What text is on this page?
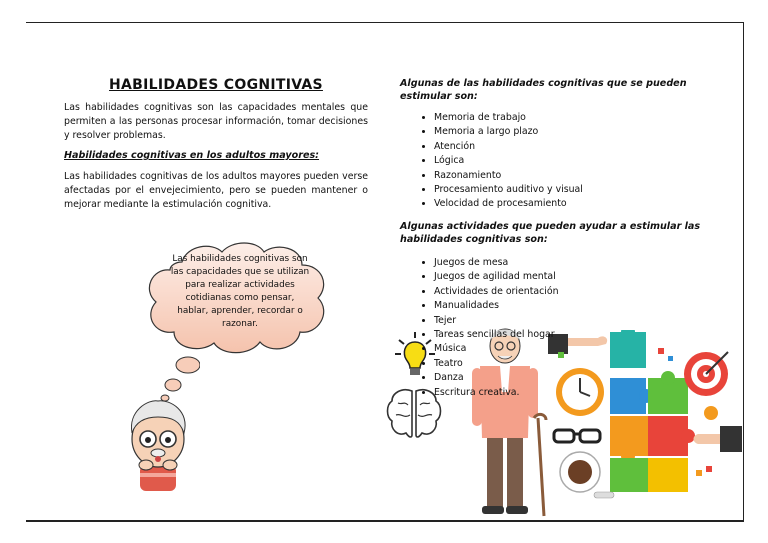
HABILIDADES COGNITIVAS
Las habilidades cognitivas son las capacidades mentales que permiten a las personas procesar información, tomar decisiones y resolver problemas.
Habilidades cognitivas en los adultos mayores:
Las habilidades cognitivas de los adultos mayores pueden verse afectadas por el envejecimiento, pero se pueden mantener o mejorar mediante la estimulación cognitiva.
Las habilidades cognitivas son las capacidades que se utilizan para realizar actividades cotidianas como pensar, hablar, aprender, recordar o razonar.
Algunas de las habilidades cognitivas que se pueden estimular son:
• Memoria de trabajo
• Memoria a largo plazo
• Atención
• Lógica
• Razonamiento
• Procesamiento auditivo y visual
• Velocidad de procesamiento
Algunas actividades que pueden ayudar a estimular las habilidades cognitivas son:
• Juegos de mesa
• Juegos de agilidad mental
• Actividades de orientación
• Manualidades
• Tejer
• Tareas sencillas del hogar
• Música
• Teatro
• Danza
• Escritura creativa.
